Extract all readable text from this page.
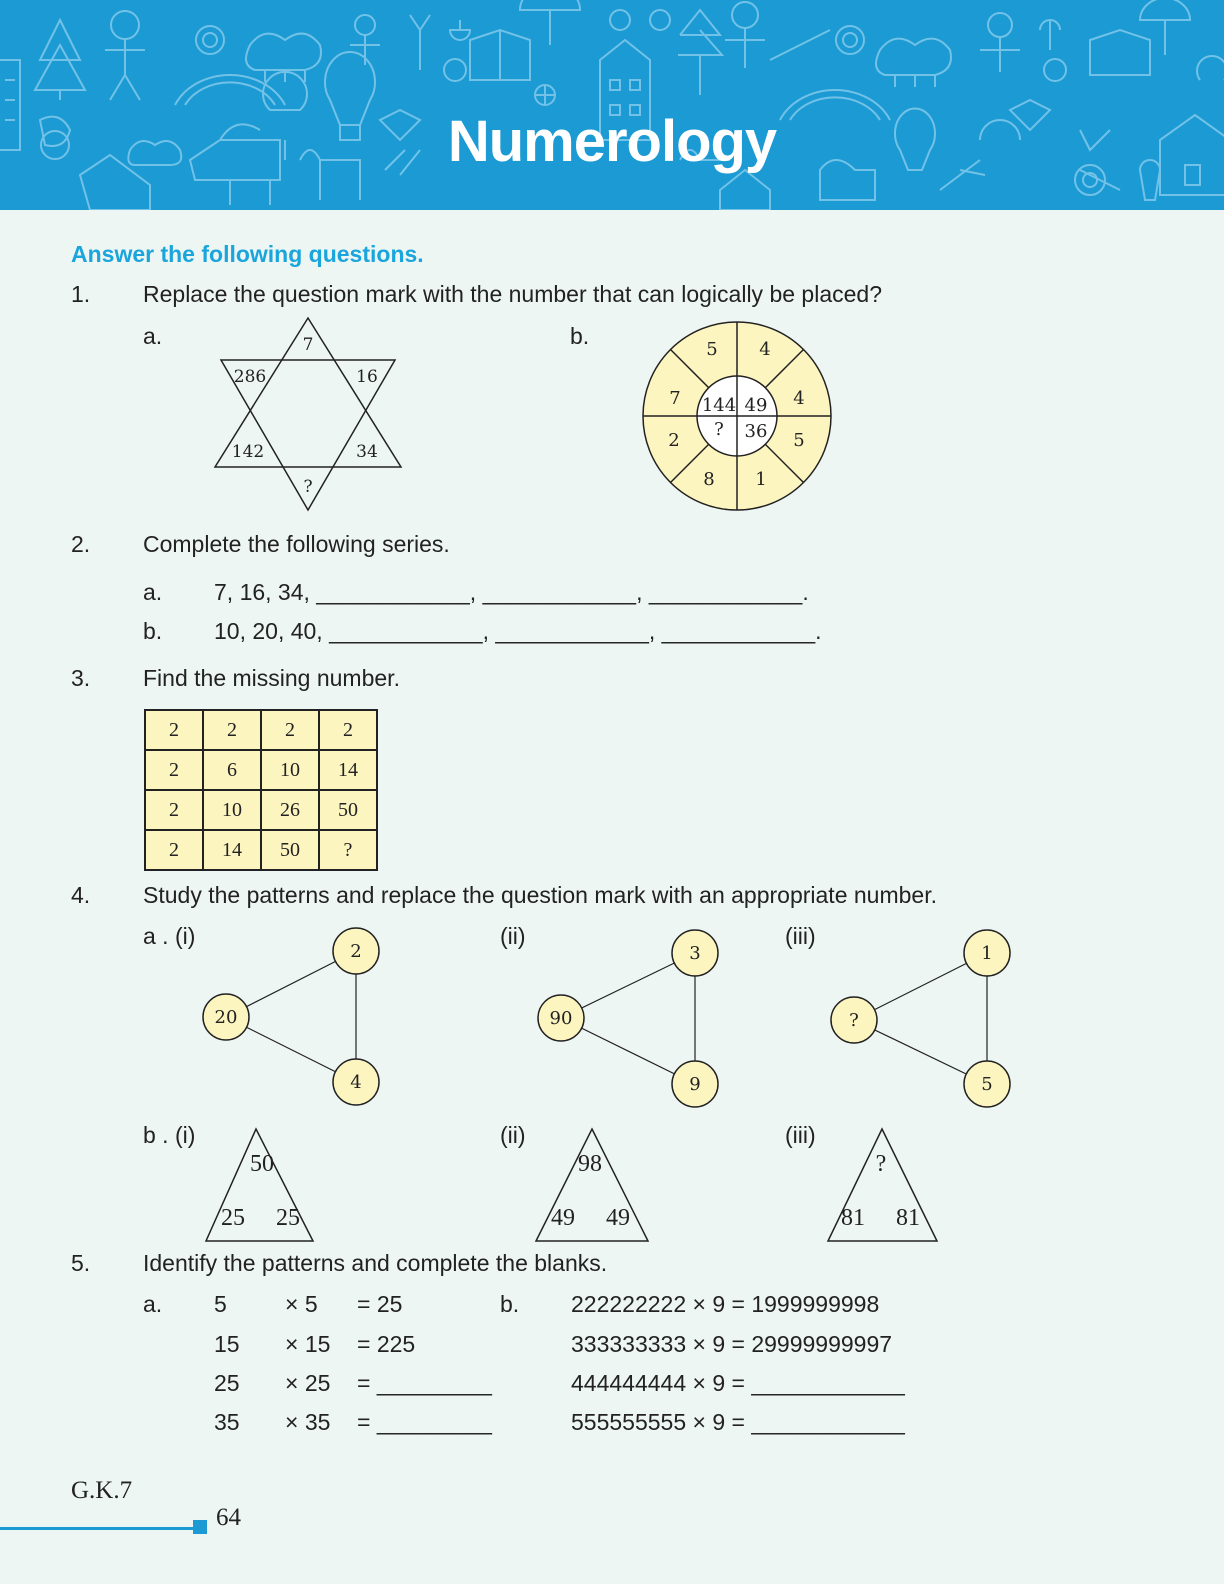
Numerology
Answer the following questions.
1. Replace the question mark with the number that can logically be placed?
a.	b.
7
286	16
142	34
?
5 4
4
5
1
8
2
7 144 49
36
?
2. Complete the following series.
a. 7, 16, 34, ____________, ____________, ____________.
b. 10, 20, 40, ____________, ____________, ____________.
3. Find the missing number.
2	2	2	2
2	6	10	14
2	10	26	50
2	14	50	?
4. Study the patterns and replace the question mark with an appropriate number.
a . (i)	(ii)	(iii)
20
2
4
90
3
9
?
1
5
b . (i)	(ii)	(iii)
50
25 25
98
49 49
?
81 81
5. Identify the patterns and complete the blanks.
a.	b.
5	× 5 = 25
15 × 15 = 225
25 × 25 = _________
35 × 35 = _________
222222222 × 9 = 1999999998
333333333 × 9 = 29999999997
444444444 × 9 = ____________
555555555 × 9 = ____________
G.K.7
64
